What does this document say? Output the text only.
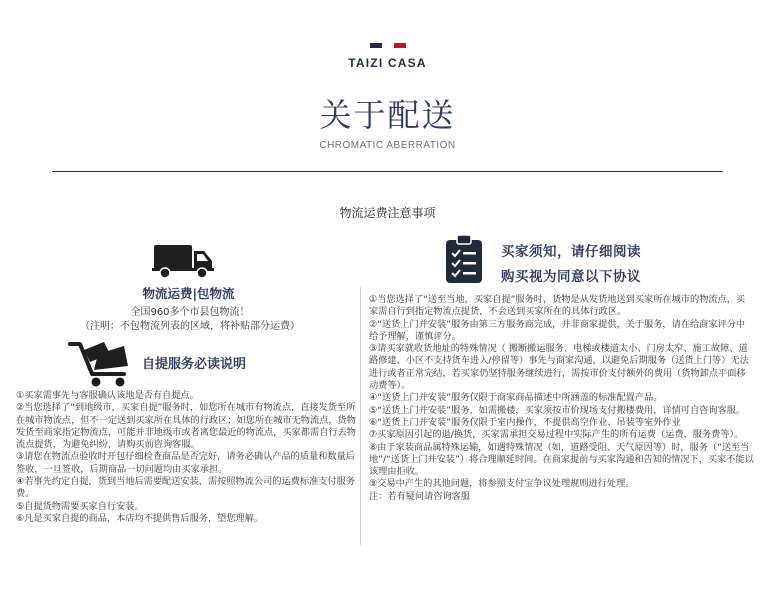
TAIZI CASA
关于配送
CHROMATIC ABERRATION
物流运费注意事项
物流运费|包物流
全国960多个市县包物流！
（注明：不包物流列表的区域，将补贴部分运费）
自提服务必读说明

①买家需事先与客服确认该地是否有自提点。

②当您选择了“到地级市，买家自提”服务时，如您所在城市有物流点，直接发货至所在城市物流点，但不一定送到买家所在具体的行政区；如您所在城市无物流点，货物发货至商家指定物流点，可能并非地级市或者离您最近的物流点，买家都需自行去物流点提货，为避免纠纷，请购买前咨询客服。

③请您在物流点验收时开包仔细检查商品是否完好，请务必确认产品的质量和数量后签收，一旦签收，后期商品一切问题均由买家承担。

④若事先约定自提，货到当地后需要配送安装，需按照物流公司的运费标准支付服务费。

⑤自提货物需要买家自行安装。

⑥凡是买家自提的商品，本店均不提供售后服务，望您理解。

买家须知，请仔细阅读
购买视为同意以下协议

①当您选择了“送至当地，买家自提”服务时，货物是从发货地送到买家所在城市的物流点，买家需自行到指定物流点提货，不会送到买家所在的具体行政区。

②“送货上门并安装”服务由第三方服务商完成，并非商家提供，关于服务，请在给商家评分中给予理解，谨慎评分。

③请买家就收货地址的特殊情况（ 搬断搬运服务、电梯或楼道太小、门房太窄、施工故障、道路修建、小区不支持货车进入/停留等）事先与商家沟通，以避免后期服务（送货上门等）无法进行或者正常完结，若买家仍坚持服务继续进行，需按市价支付额外的费用（货物卸点平面移动费等）。

④“送货上门并安装”服务仅限于商家商品描述中所涵盖的标准配置产品。

⑤“送货上门并安装”服务，如需搬楼，买家须按市价现场支付搬楼费用，详情可自咨询客服。

⑥“送货上门并安装”服务仅限于室内操作，不提供高空作业、吊装等室外作业

⑦买家原因引起的退/换货，买家需承担交易过程中实际产生的所有运费（运费、服务费等）。

⑧由于家装商品属特殊运输，如遇特殊情况（如，道路受阻、天气原因等）时，服务（“送至当地”/“送货上门并安装”）将合理顺延时间。在商家提前与买家沟通和告知的情况下，买家不能以该理由拒收。

⑨交易中产生的其他问题，将参照支付宝争议处理规则进行处理。

注：若有疑问请咨询客服
